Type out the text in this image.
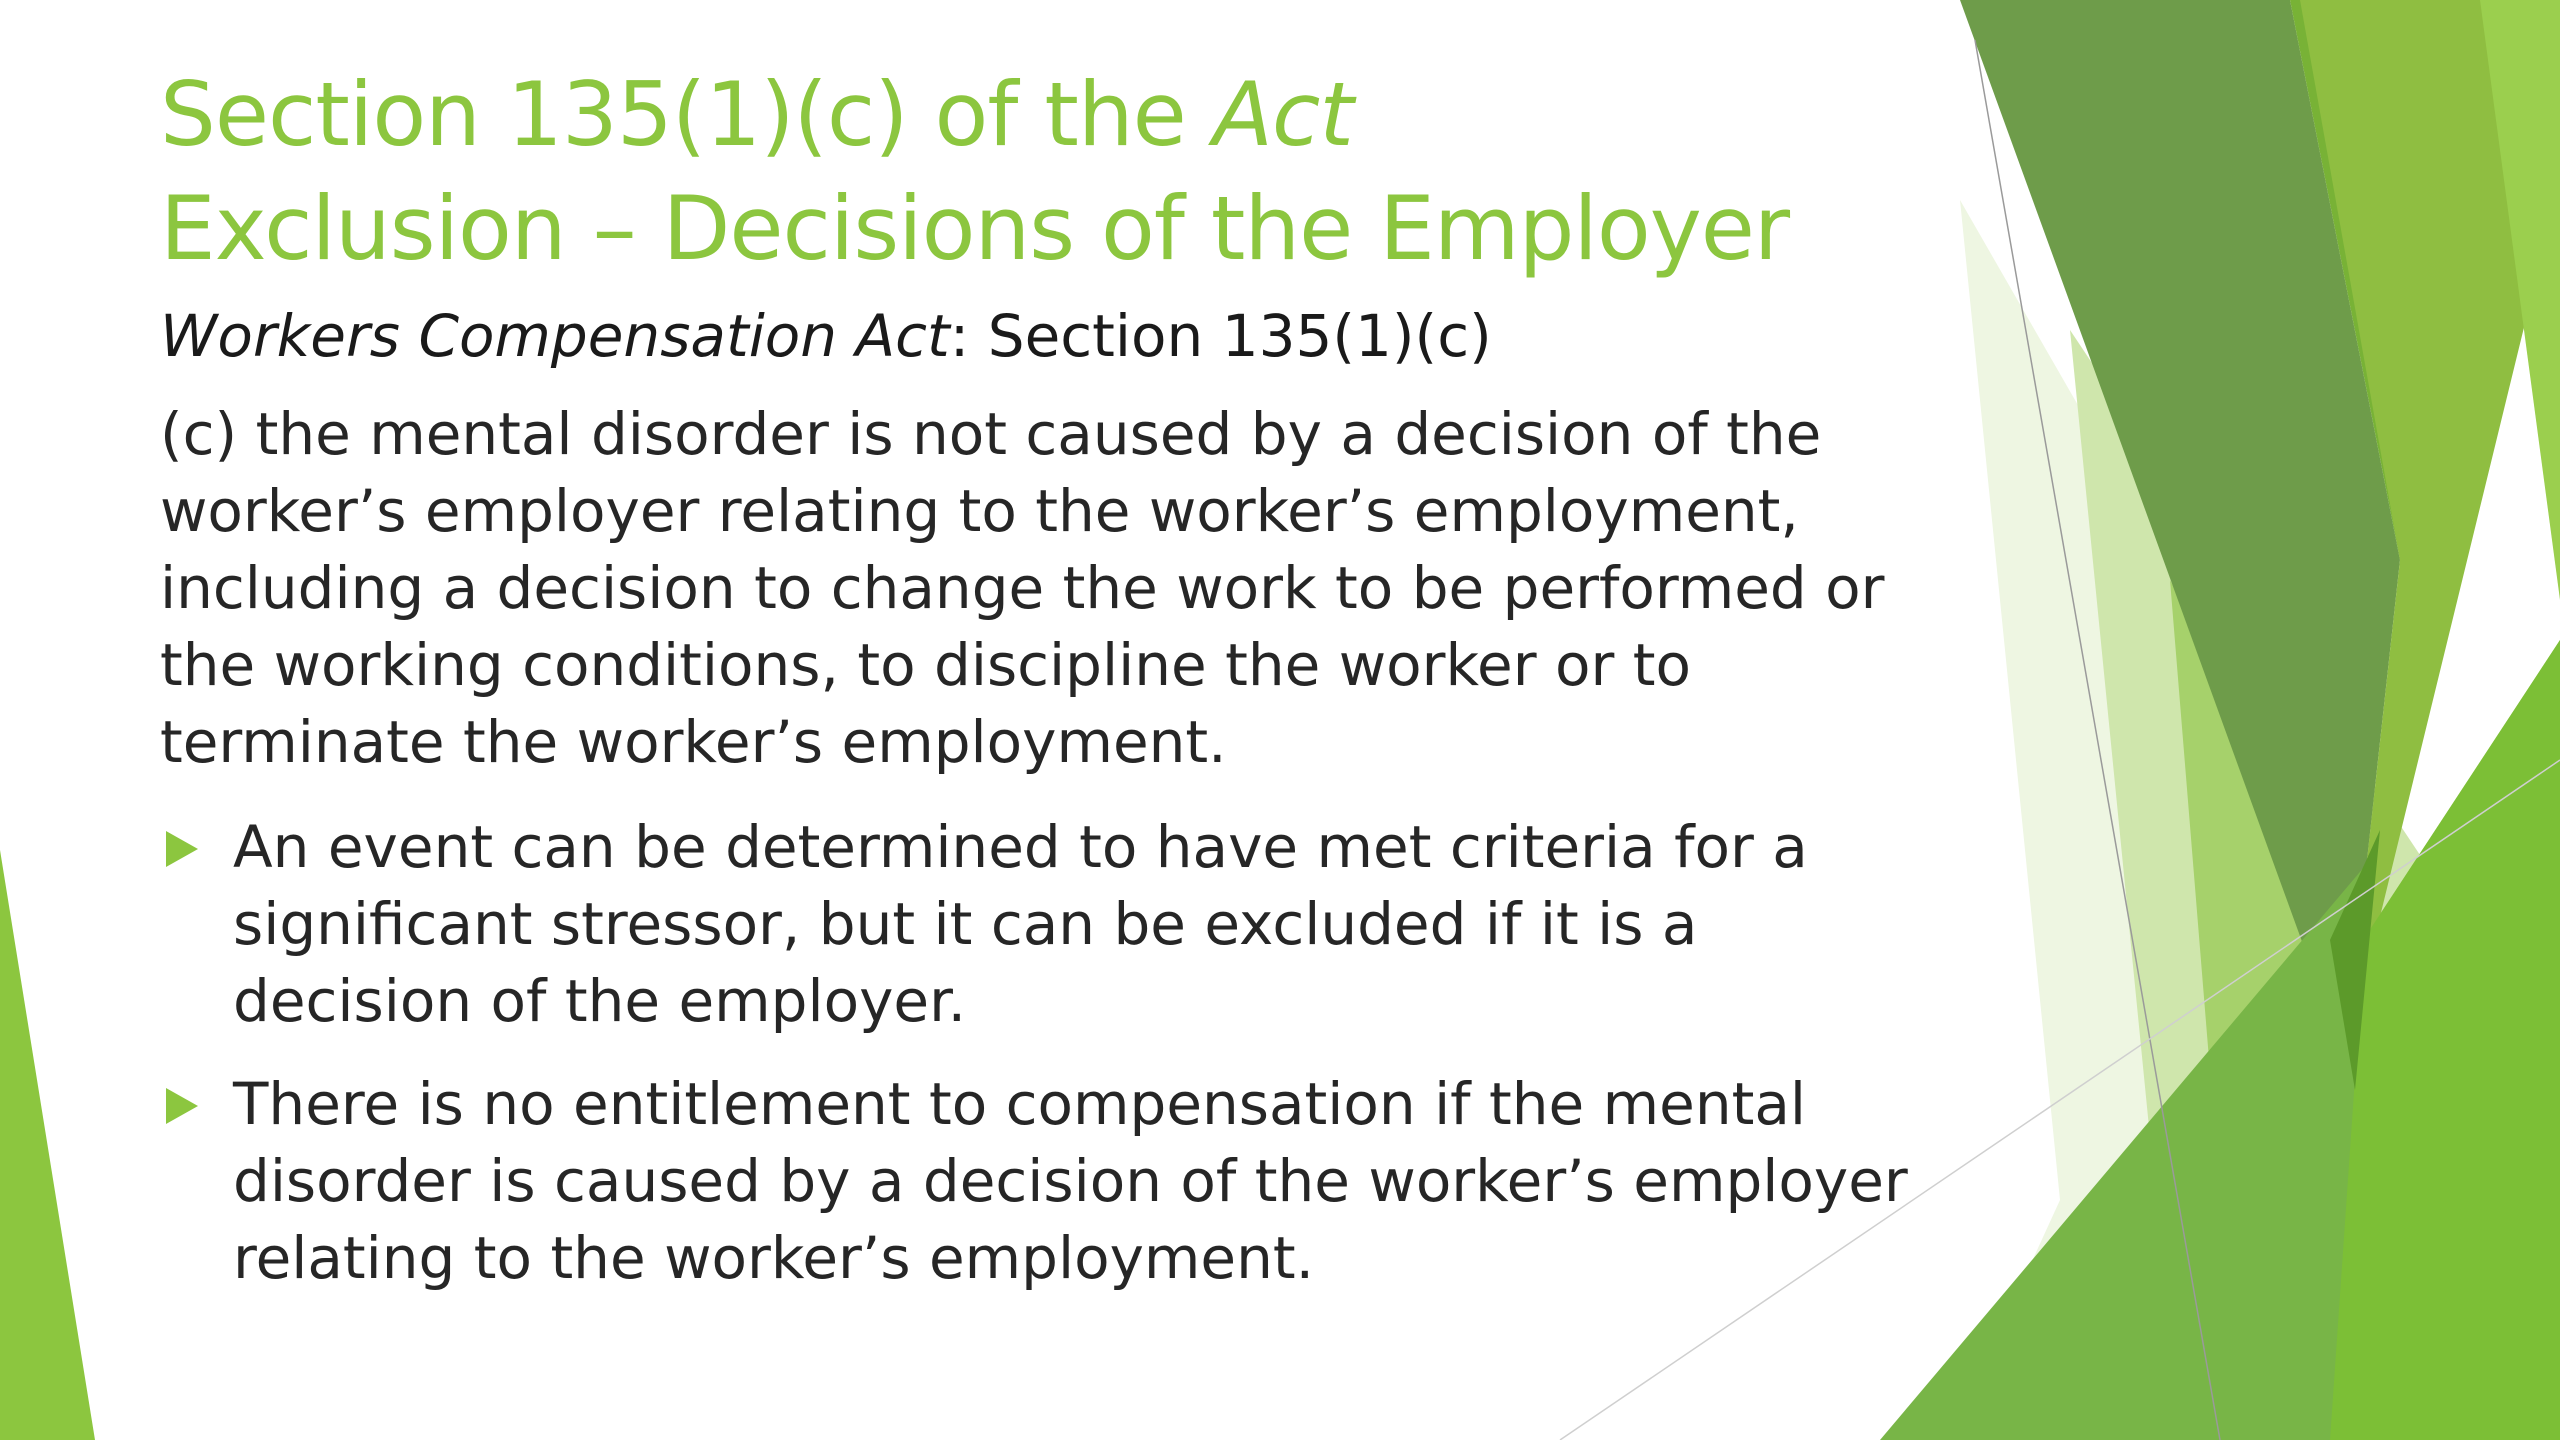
Section 135(1)(c) of the Act
Exclusion – Decisions of the Employer

Workers Compensation Act: Section 135(1)(c)

(c) the mental disorder is not caused by a decision of the
worker’s employer relating to the worker’s employment,
including a decision to change the work to be performed or
the working conditions, to discipline the worker or to
terminate the worker’s employment.

An event can be determined to have met criteria for a
significant stressor, but it can be excluded if it is a
decision of the employer.
There is no entitlement to compensation if the mental
disorder is caused by a decision of the worker’s employer
relating to the worker’s employment.
